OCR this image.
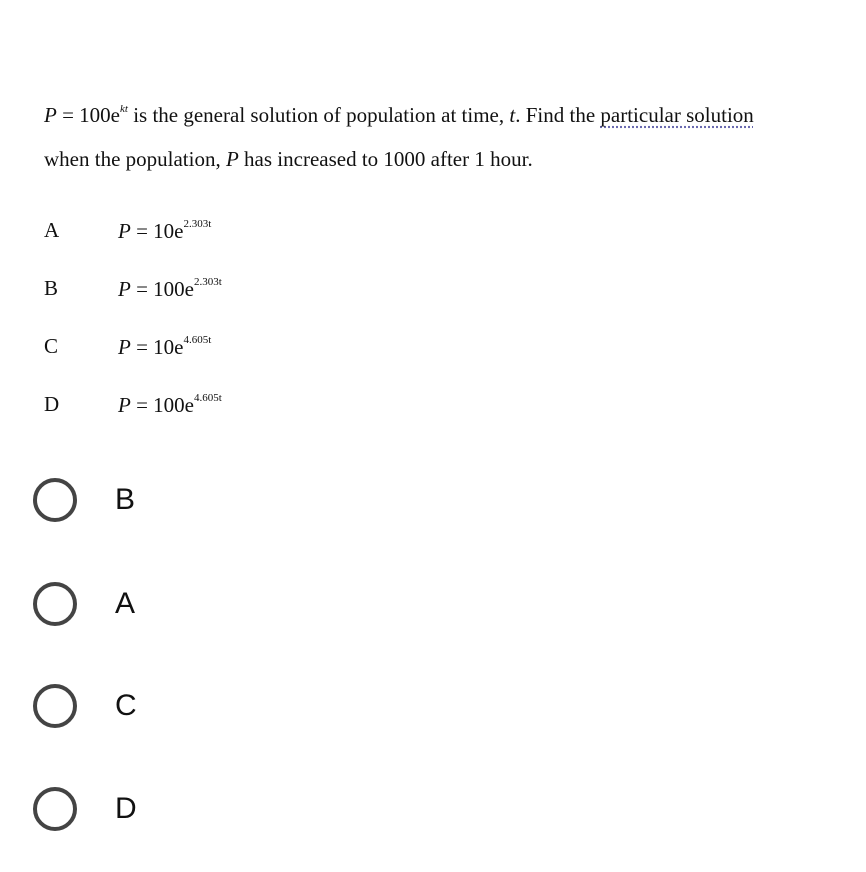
$P = 100e^{kt}$ is the general solution of population at time, t. Find the particular solution
when the population, P has increased to 1000 after 1 hour.
A	$P = 10e^{2.303t}$
B	$P = 100e^{2.303t}$
C	$P = 10e^{4.605t}$
D	$P = 100e^{4.605t}$
B
A
C
D
